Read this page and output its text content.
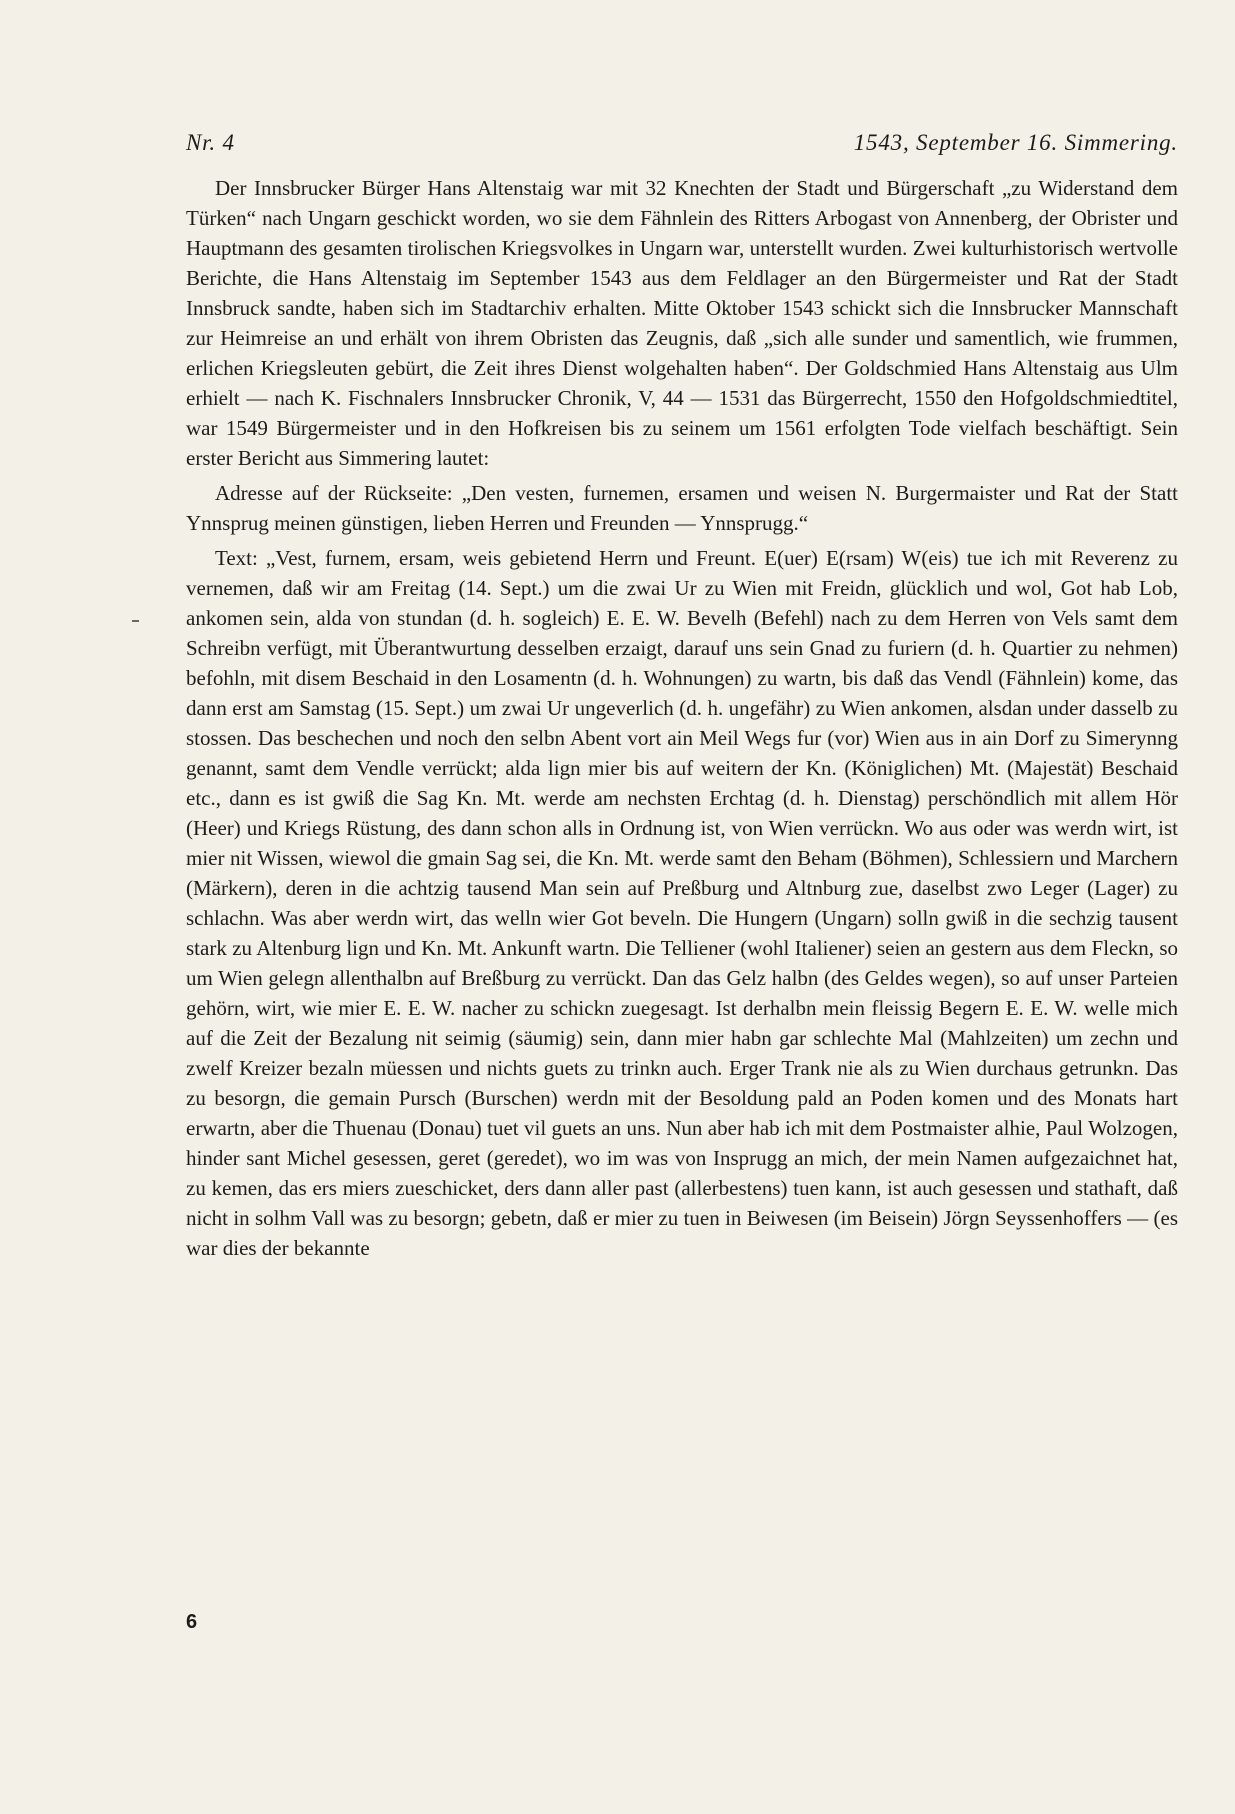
Nr. 4	1543, September 16. Simmering.

Der Innsbrucker Bürger Hans Altenstaig war mit 32 Knechten der Stadt und Bürgerschaft „zu Widerstand dem Türken“ nach Ungarn geschickt worden, wo sie dem Fähnlein des Ritters Arbogast von Annenberg, der Obrister und Hauptmann des gesamten tirolischen Kriegsvolkes in Ungarn war, unterstellt wurden. Zwei kulturhistorisch wertvolle Berichte, die Hans Altenstaig im September 1543 aus dem Feldlager an den Bürgermeister und Rat der Stadt Innsbruck sandte, haben sich im Stadtarchiv erhalten. Mitte Oktober 1543 schickt sich die Innsbrucker Mannschaft zur Heimreise an und erhält von ihrem Obristen das Zeugnis, daß „sich alle sunder und samentlich, wie frummen, erlichen Kriegsleuten gebürt, die Zeit ihres Dienst wolgehalten haben“. Der Goldschmied Hans Altenstaig aus Ulm erhielt — nach K. Fischnalers Innsbrucker Chronik, V, 44 — 1531 das Bürgerrecht, 1550 den Hofgoldschmiedtitel, war 1549 Bürgermeister und in den Hofkreisen bis zu seinem um 1561 erfolgten Tode vielfach beschäftigt. Sein erster Bericht aus Simmering lautet:

Adresse auf der Rückseite: „Den vesten, furnemen, ersamen und weisen N. Burgermaister und Rat der Statt Ynnsprug meinen günstigen, lieben Herren und Freunden — Ynnsprugg.“

Text: „Vest, furnem, ersam, weis gebietend Herrn und Freunt. E(uer) E(rsam) W(eis) tue ich mit Reverenz zu vernemen, daß wir am Freitag (14. Sept.) um die zwai Ur zu Wien mit Freidn, glücklich und wol, Got hab Lob, ankomen sein, alda von stundan (d. h. sogleich) E. E. W. Bevelh (Befehl) nach zu dem Herren von Vels samt dem Schreibn verfügt, mit Überantwurtung desselben erzaigt, darauf uns sein Gnad zu furiern (d. h. Quartier zu nehmen) befohln, mit disem Beschaid in den Losamentn (d. h. Wohnungen) zu wartn, bis daß das Vendl (Fähnlein) kome, das dann erst am Samstag (15. Sept.) um zwai Ur ungeverlich (d. h. ungefähr) zu Wien ankomen, alsdan under dasselb zu stossen. Das beschechen und noch den selbn Abent vort ain Meil Wegs fur (vor) Wien aus in ain Dorf zu Simerynng genannt, samt dem Vendle verrückt; alda lign mier bis auf weitern der Kn. (Königlichen) Mt. (Majestät) Beschaid etc., dann es ist gwiß die Sag Kn. Mt. werde am nechsten Erchtag (d. h. Dienstag) perschöndlich mit allem Hör (Heer) und Kriegs Rüstung, des dann schon alls in Ordnung ist, von Wien verrückn. Wo aus oder was werdn wirt, ist mier nit Wissen, wiewol die gmain Sag sei, die Kn. Mt. werde samt den Beham (Böhmen), Schlessiern und Marchern (Märkern), deren in die achtzig tausend Man sein auf Preßburg und Altnburg zue, daselbst zwo Leger (Lager) zu schlachn. Was aber werdn wirt, das welln wier Got beveln. Die Hungern (Ungarn) solln gwiß in die sechzig tausent stark zu Altenburg lign und Kn. Mt. Ankunft wartn. Die Telliener (wohl Italiener) seien an gestern aus dem Fleckn, so um Wien gelegn allenthalbn auf Breßburg zu verrückt. Dan das Gelz halbn (des Geldes wegen), so auf unser Parteien gehörn, wirt, wie mier E. E. W. nacher zu schickn zuegesagt. Ist derhalbn mein fleissig Begern E. E. W. welle mich auf die Zeit der Bezalung nit seimig (säumig) sein, dann mier habn gar schlechte Mal (Mahlzeiten) um zechn und zwelf Kreizer bezaln müessen und nichts guets zu trinkn auch. Erger Trank nie als zu Wien durchaus getrunkn. Das zu besorgn, die gemain Pursch (Burschen) werdn mit der Besoldung pald an Poden komen und des Monats hart erwartn, aber die Thuenau (Donau) tuet vil guets an uns. Nun aber hab ich mit dem Postmaister alhie, Paul Wolzogen, hinder sant Michel gesessen, geret (geredet), wo im was von Insprugg an mich, der mein Namen aufgezaichnet hat, zu kemen, das ers miers zueschicket, ders dann aller past (allerbestens) tuen kann, ist auch gesessen und stathaft, daß nicht in solhm Vall was zu besorgn; gebetn, daß er mier zu tuen in Beiwesen (im Beisein) Jörgn Seyssenhoffers — (es war dies der bekannte

6
